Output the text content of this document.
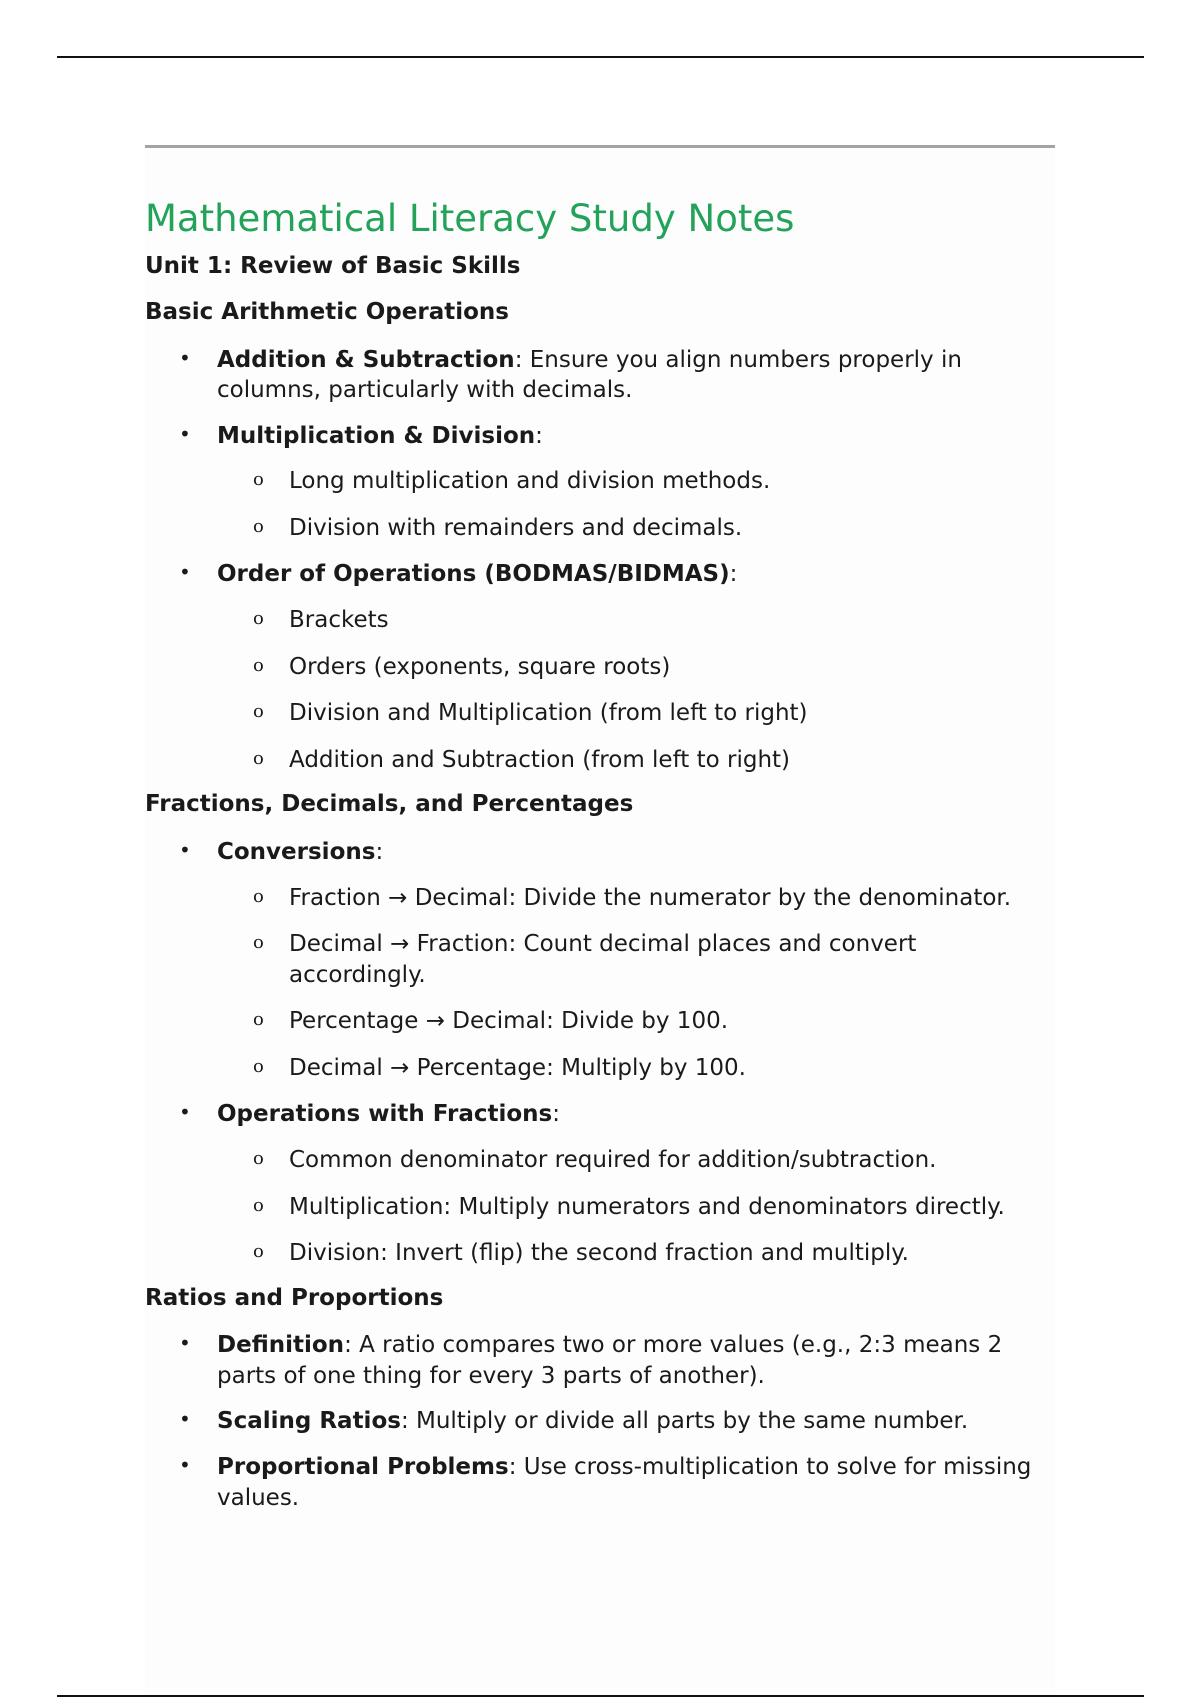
Mathematical Literacy Study Notes
Unit 1: Review of Basic Skills
Basic Arithmetic Operations
• Addition & Subtraction: Ensure you align numbers properly in columns, particularly with decimals.
• Multiplication & Division:
o Long multiplication and division methods.
o Division with remainders and decimals.
• Order of Operations (BODMAS/BIDMAS):
o Brackets
o Orders (exponents, square roots)
o Division and Multiplication (from left to right)
o Addition and Subtraction (from left to right)
Fractions, Decimals, and Percentages
• Conversions:
o Fraction → Decimal: Divide the numerator by the denominator.
o Decimal → Fraction: Count decimal places and convert accordingly.
o Percentage → Decimal: Divide by 100.
o Decimal → Percentage: Multiply by 100.
• Operations with Fractions:
o Common denominator required for addition/subtraction.
o Multiplication: Multiply numerators and denominators directly.
o Division: Invert (flip) the second fraction and multiply.
Ratios and Proportions
• Definition: A ratio compares two or more values (e.g., 2:3 means 2 parts of one thing for every 3 parts of another).
• Scaling Ratios: Multiply or divide all parts by the same number.
• Proportional Problems: Use cross-multiplication to solve for missing values.
